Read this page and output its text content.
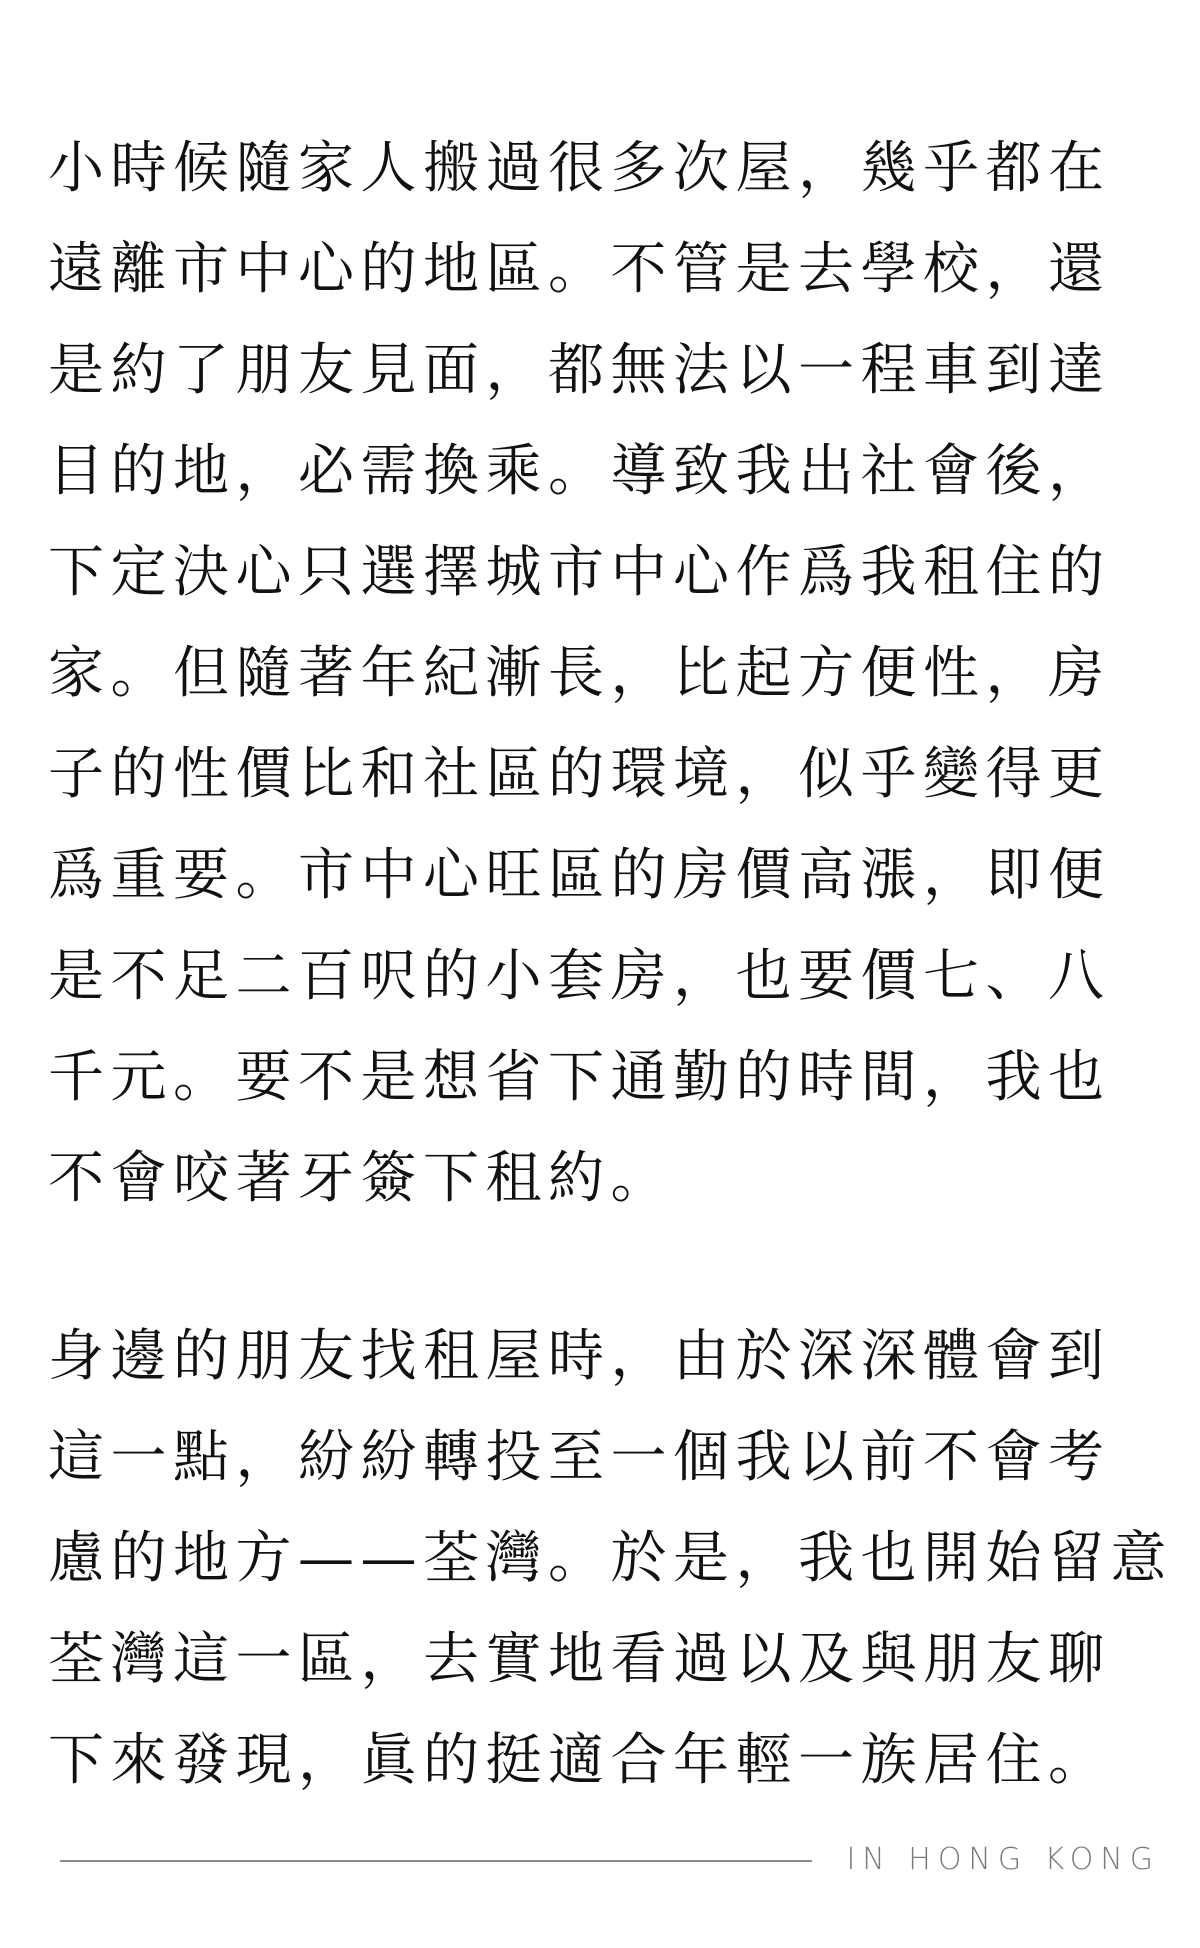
小時候隨家人搬過很多次屋，幾乎都在
遠離市中心的地區。不管是去學校，還
是約了朋友見面，都無法以一程車到達
目的地，必需換乘。導致我出社會後，
下定決心只選擇城市中心作爲我租住的
家。但隨著年紀漸長，比起方便性，房
子的性價比和社區的環境，似乎變得更
爲重要。市中心旺區的房價高漲，即便
是不足二百呎的小套房，也要價七、八
千元。要不是想省下通勤的時間，我也
不會咬著牙簽下租約。

身邊的朋友找租屋時，由於深深體會到
這一點，紛紛轉投至一個我以前不會考
慮的地方——荃灣。於是，我也開始留意
荃灣這一區，去實地看過以及與朋友聊
下來發現，眞的挺適合年輕一族居住。

IN HONG KONG
